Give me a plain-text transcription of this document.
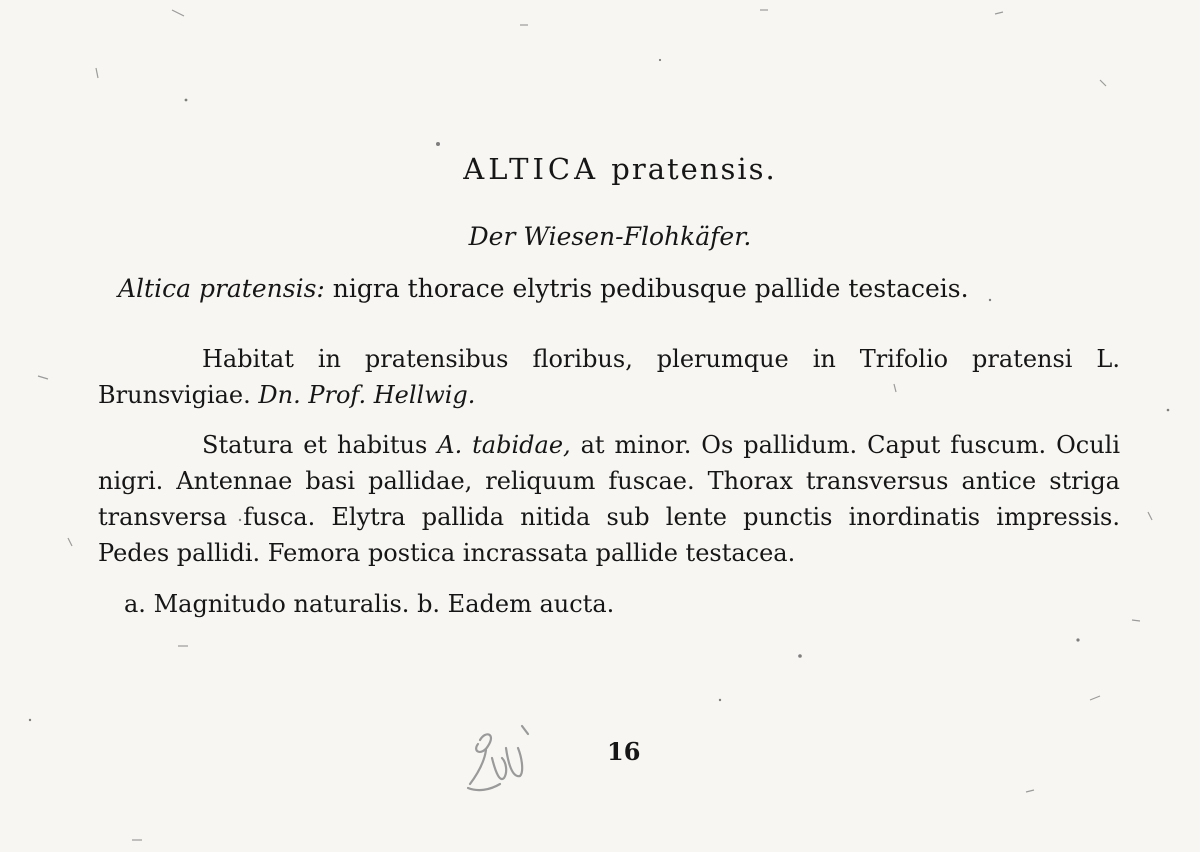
ALTICA pratensis.
Der Wiesen-Flohkäfer.
Altica pratensis: nigra thorace elytris pedibusque pallide testaceis.
Habitat in pratensibus floribus, plerumque in Trifolio pratensi L. Brunsvigiae. Dn. Prof. Hellwig.
Statura et habitus A. tabidae, at minor. Os pallidum. Caput fuscum. Oculi nigri. Antennae basi pallidae, reliquum fuscae. Thorax transversus antice striga transversa fusca. Elytra pallida nitida sub lente punctis inordinatis impressis. Pedes pallidi. Femora postica incrassata pallide testacea.
a. Magnitudo naturalis. b. Eadem aucta.
16
